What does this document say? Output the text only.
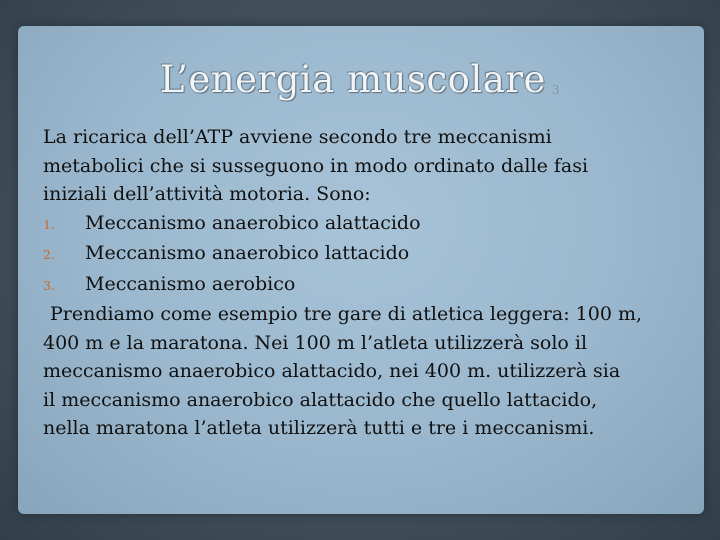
L’energia muscolare 3
La ricarica dell’ATP avviene secondo tre meccanismi
metabolici che si susseguono in modo ordinato dalle fasi
iniziali dell’attività motoria. Sono:
1. Meccanismo anaerobico alattacido
2. Meccanismo anaerobico lattacido
3. Meccanismo aerobico
Prendiamo come esempio tre gare di atletica leggera: 100 m,
400 m e la maratona. Nei 100 m l’atleta utilizzerà solo il
meccanismo anaerobico alattacido, nei 400 m. utilizzerà sia
il meccanismo anaerobico alattacido che quello lattacido,
nella maratona l’atleta utilizzerà tutti e tre i meccanismi.
